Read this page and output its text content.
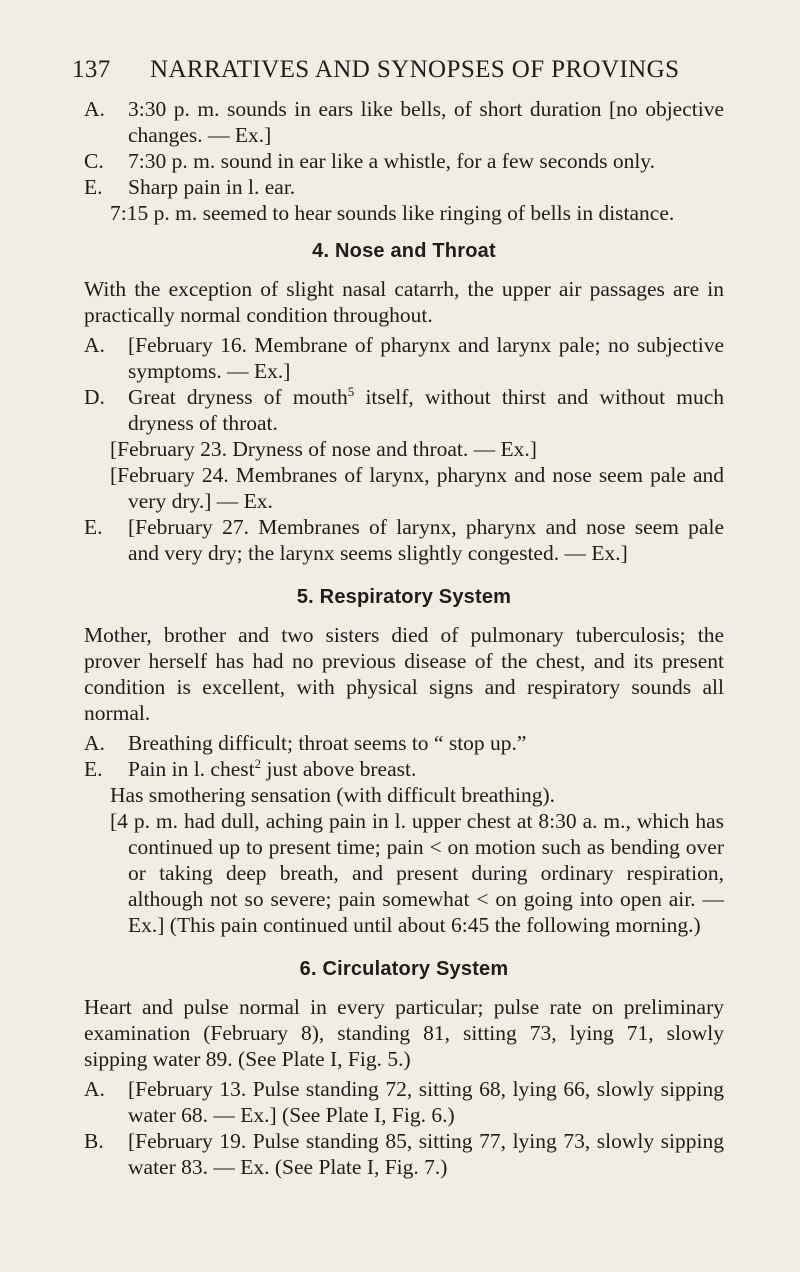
137 NARRATIVES AND SYNOPSES OF PROVINGS
A. 3:30 p. m. sounds in ears like bells, of short duration [no objective changes. — Ex.]
C. 7:30 p. m. sound in ear like a whistle, for a few seconds only.
E. Sharp pain in l. ear.
7:15 p. m. seemed to hear sounds like ringing of bells in distance.
4. Nose and Throat
With the exception of slight nasal catarrh, the upper air passages are in practically normal condition throughout.
A. [February 16. Membrane of pharynx and larynx pale; no subjective symptoms. — Ex.]
D. Great dryness of mouth$^5$ itself, without thirst and without much dryness of throat.
[February 23. Dryness of nose and throat. — Ex.]
[February 24. Membranes of larynx, pharynx and nose seem pale and very dry.] — Ex.
E. [February 27. Membranes of larynx, pharynx and nose seem pale and very dry; the larynx seems slightly congested. — Ex.]
5. Respiratory System
Mother, brother and two sisters died of pulmonary tuberculosis; the prover herself has had no previous disease of the chest, and its present condition is excellent, with physical signs and respiratory sounds all normal.
A. Breathing difficult; throat seems to “ stop up.”
E. Pain in l. chest$^2$ just above breast.
Has smothering sensation (with difficult breathing).
[4 p. m. had dull, aching pain in l. upper chest at 8:30 a. m., which has continued up to present time; pain < on motion such as bending over or taking deep breath, and present during ordinary respiration, although not so severe; pain somewhat < on going into open air. — Ex.] (This pain continued until about 6:45 the following morning.)
6. Circulatory System
Heart and pulse normal in every particular; pulse rate on preliminary examination (February 8), standing 81, sitting 73, lying 71, slowly sipping water 89. (See Plate I, Fig. 5.)
A. [February 13. Pulse standing 72, sitting 68, lying 66, slowly sipping water 68. — Ex.] (See Plate I, Fig. 6.)
B. [February 19. Pulse standing 85, sitting 77, lying 73, slowly sipping water 83. — Ex. (See Plate I, Fig. 7.)
